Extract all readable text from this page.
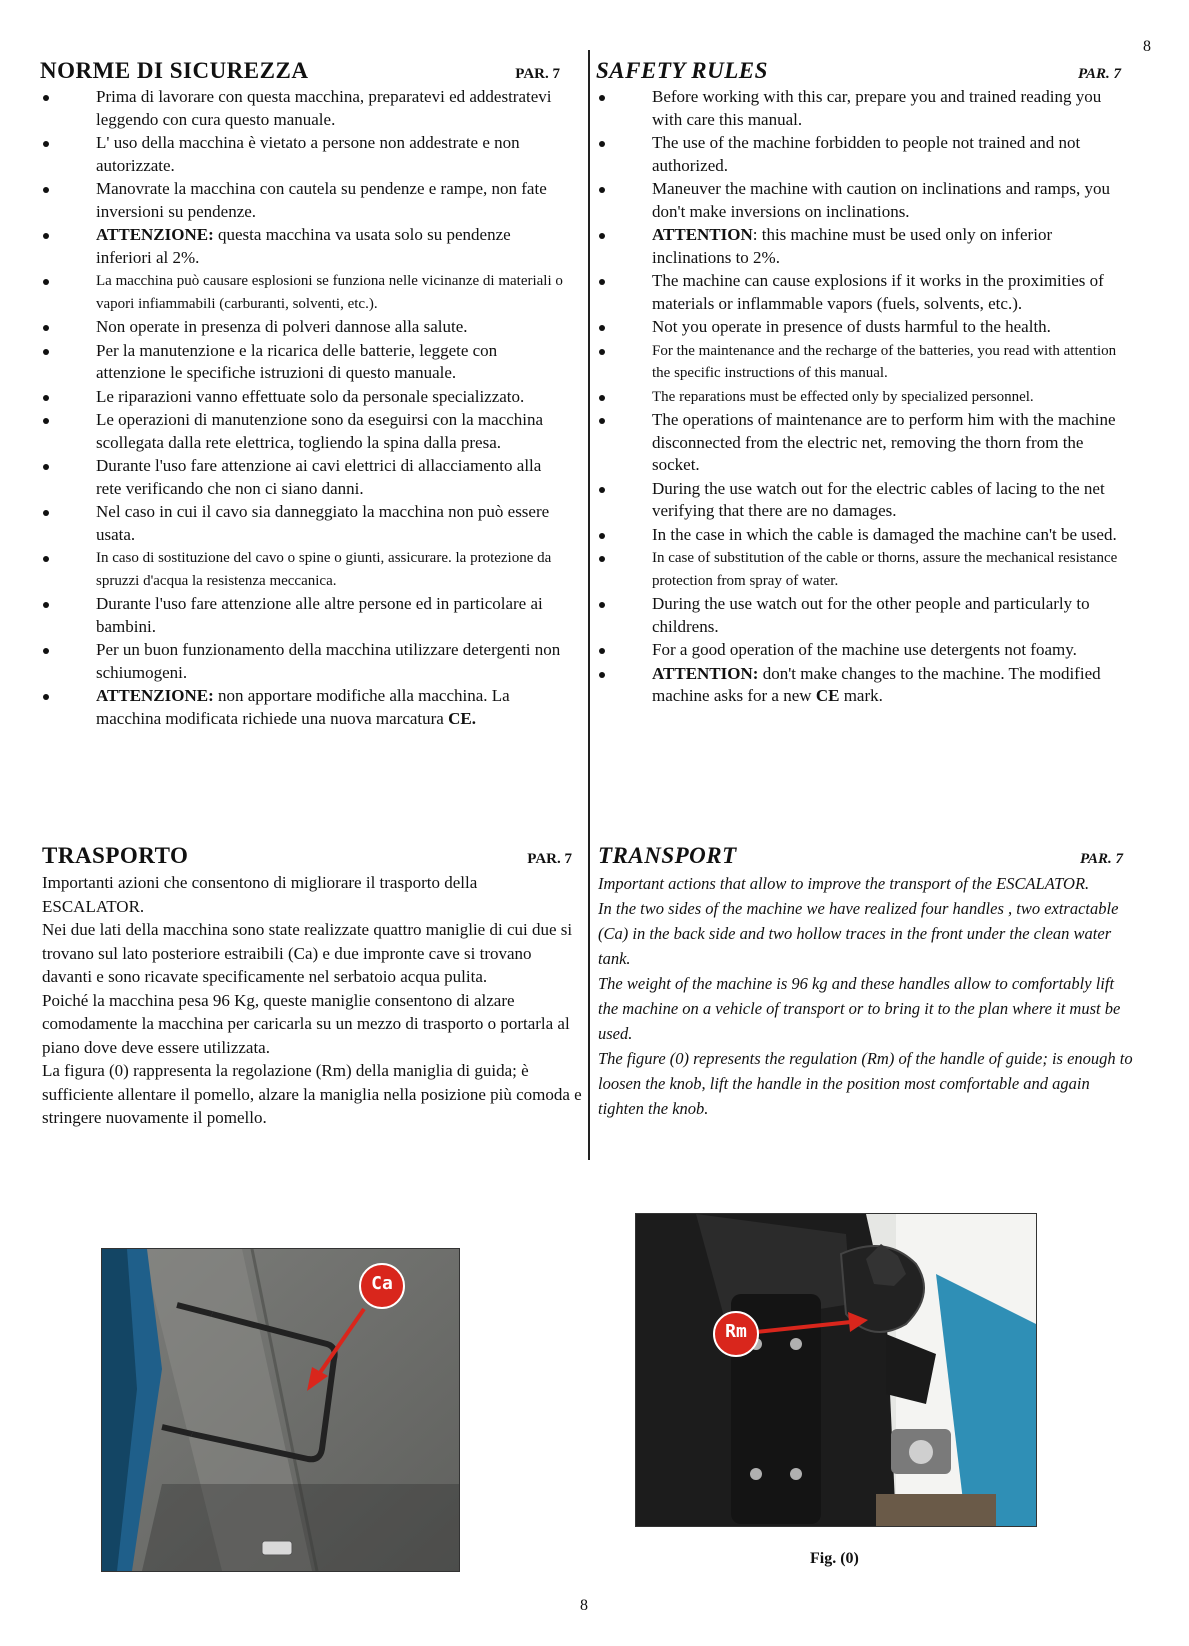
8
NORME DI SICUREZZA	PAR. 7
Prima di lavorare con questa macchina, preparatevi ed addestratevi leggendo con cura questo manuale.
L' uso della macchina è vietato a persone non addestrate e non autorizzate.
Manovrate la macchina con cautela su pendenze e rampe, non fate inversioni su pendenze.
ATTENZIONE: questa macchina va usata solo su pendenze inferiori al 2%.
La macchina può causare esplosioni se funziona nelle vicinanze di materiali o vapori infiammabili (carburanti, solventi, etc.).
Non operate in presenza di polveri dannose alla salute.
Per la manutenzione e la ricarica delle batterie, leggete con attenzione le specifiche istruzioni di questo manuale.
Le riparazioni vanno effettuate solo da personale specializzato.
Le operazioni di manutenzione sono da eseguirsi con la macchina scollegata dalla rete elettrica, togliendo la spina dalla presa.
Durante l'uso fare attenzione ai cavi elettrici di allacciamento alla rete verificando che non ci siano danni.
Nel caso in cui il cavo sia danneggiato la macchina non può essere usata.
In caso di sostituzione del cavo o spine o giunti, assicurare. la protezione da spruzzi d'acqua la resistenza meccanica.
Durante l'uso fare attenzione alle altre persone ed in particolare ai bambini.
Per un buon funzionamento della macchina utilizzare detergenti non schiumogeni.
ATTENZIONE: non apportare modifiche alla macchina. La macchina modificata richiede una nuova marcatura CE.
SAFETY RULES	PAR. 7
Before working with this car, prepare you and trained reading you with care this manual.
The use of the machine forbidden to people not trained and not authorized.
Maneuver the machine with caution on inclinations and ramps, you don't make inversions on inclinations.
ATTENTION: this machine must be used only on inferior inclinations to 2%.
The machine can cause explosions if it works in the proximities of materials or inflammable vapors (fuels, solvents, etc.).
Not you operate in presence of dusts harmful to the health.
For the maintenance and the recharge of the batteries, you read with attention the specific instructions of this manual.
The reparations must be effected only by specialized personnel.
The operations of maintenance are to perform him with the machine disconnected from the electric net, removing the thorn from the socket.
During the use watch out for the electric cables of lacing to the net verifying that there are no damages.
In the case in which the cable is damaged the machine can't be used.
In case of substitution of the cable or thorns, assure the mechanical resistance protection from spray of water.
During the use watch out for the other people and particularly to childrens.
For a good operation of the machine use detergents not foamy.
ATTENTION: don't make changes to the machine. The modified machine asks for a new CE mark.
TRASPORTO	PAR. 7

Importanti azioni che consentono di migliorare il trasporto della ESCALATOR.

Nei due lati della macchina sono state realizzate quattro maniglie di cui due si trovano sul lato posteriore estraibili (Ca) e due impronte cave si trovano davanti e sono ricavate specificamente nel serbatoio acqua pulita.

Poiché la macchina pesa 96 Kg, queste maniglie consentono di alzare comodamente la macchina per caricarla su un mezzo di trasporto o portarla al piano dove deve essere utilizzata.

La figura (0) rappresenta la regolazione (Rm) della maniglia di guida; è sufficiente allentare il pomello, alzare la maniglia nella posizione più comoda e stringere nuovamente il pomello.

TRANSPORT	PAR. 7

Important actions that allow to improve the transport of the ESCALATOR.

In the two sides of the machine we have realized four handles , two extractable (Ca) in the back side and two hollow traces in the front under the clean water tank.

The weight of the machine is 96 kg and these handles allow to comfortably lift the machine on a vehicle of transport or to bring it to the plan where it must be used.

The figure (0) represents the regulation (Rm) of the handle of guide; is enough to loosen the knob, lift the handle in the position most comfortable and again tighten the knob.

Ca
Rm
Fig. (0)
8
